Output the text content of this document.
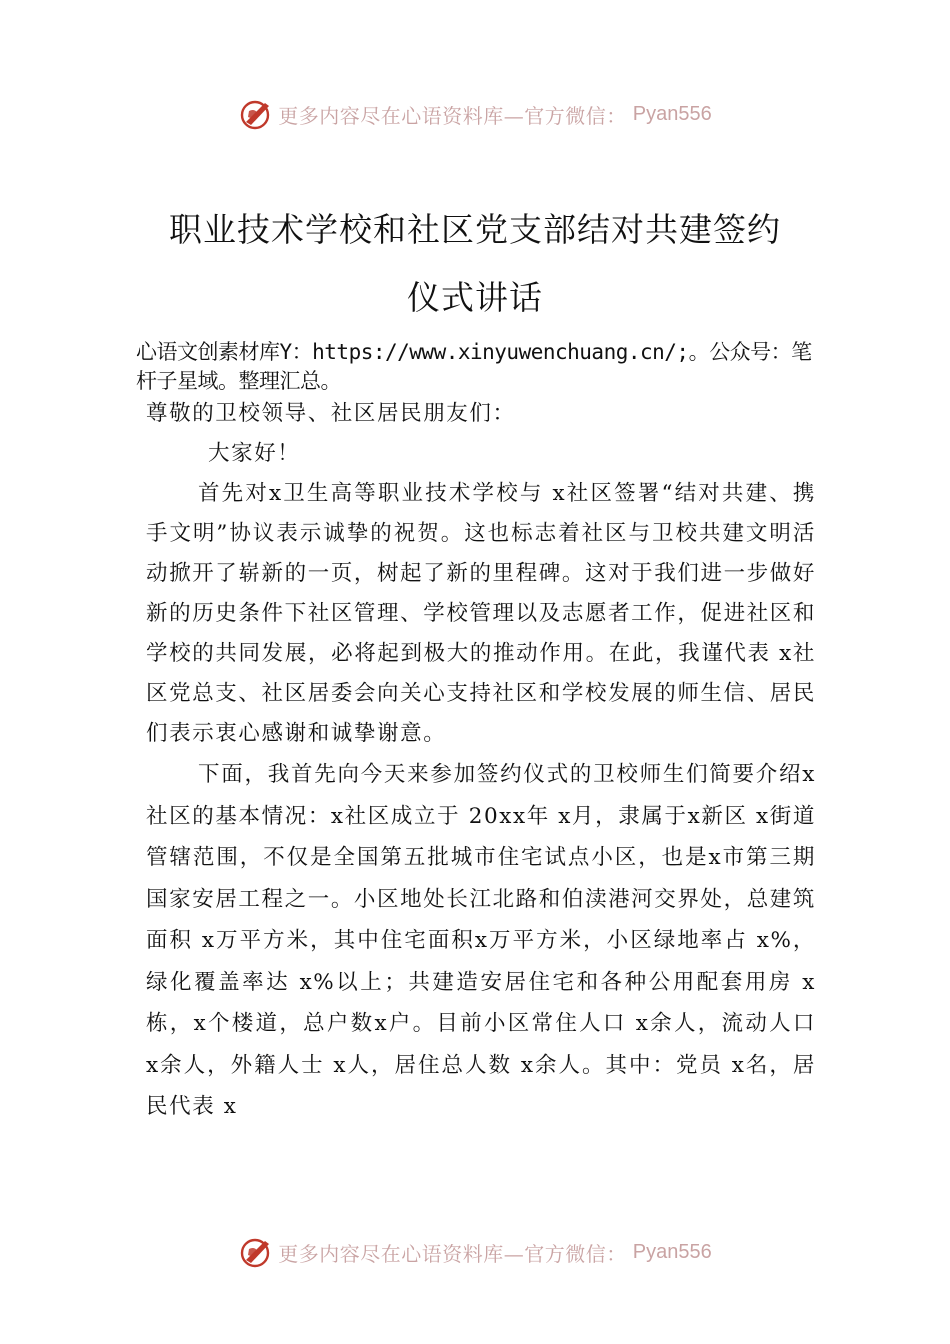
更多内容尽在心语资料库—官方微信： Pyan556
职业技术学校和社区党支部结对共建签约
仪式讲话

心语文创素材库Y：https://www.xinyuwenchuang.cn/;。公众号：笔杆子星域。整理汇总。

尊敬的卫校领导、社区居民朋友们：

大家好！

首先对x卫生高等职业技术学校与 x社区签署“结对共建、携手文明”协议表示诚挚的祝贺。这也标志着社区与卫校共建文明活动掀开了崭新的一页，树起了新的里程碑。这对于我们进一步做好新的历史条件下社区管理、学校管理以及志愿者工作，促进社区和学校的共同发展，必将起到极大的推动作用。在此，我谨代表 x社区党总支、社区居委会向关心支持社区和学校发展的师生信、居民们表示衷心感谢和诚挚谢意。

下面，我首先向今天来参加签约仪式的卫校师生们简要介绍x社区的基本情况：x社区成立于 20xx年 x月，隶属于x新区 x街道管辖范围，不仅是全国第五批城市住宅试点小区，也是x市第三期国家安居工程之一。小区地处长江北路和伯渎港河交界处，总建筑面积 x万平方米，其中住宅面积x万平方米，小区绿地率占 x%，绿化覆盖率达 x%以上；共建造安居住宅和各种公用配套用房 x栋，x个楼道，总户数x户。目前小区常住人口 x余人，流动人口 x余人，外籍人士 x人，居住总人数 x余人。其中：党员 x名，居民代表 x

更多内容尽在心语资料库—官方微信： Pyan556
